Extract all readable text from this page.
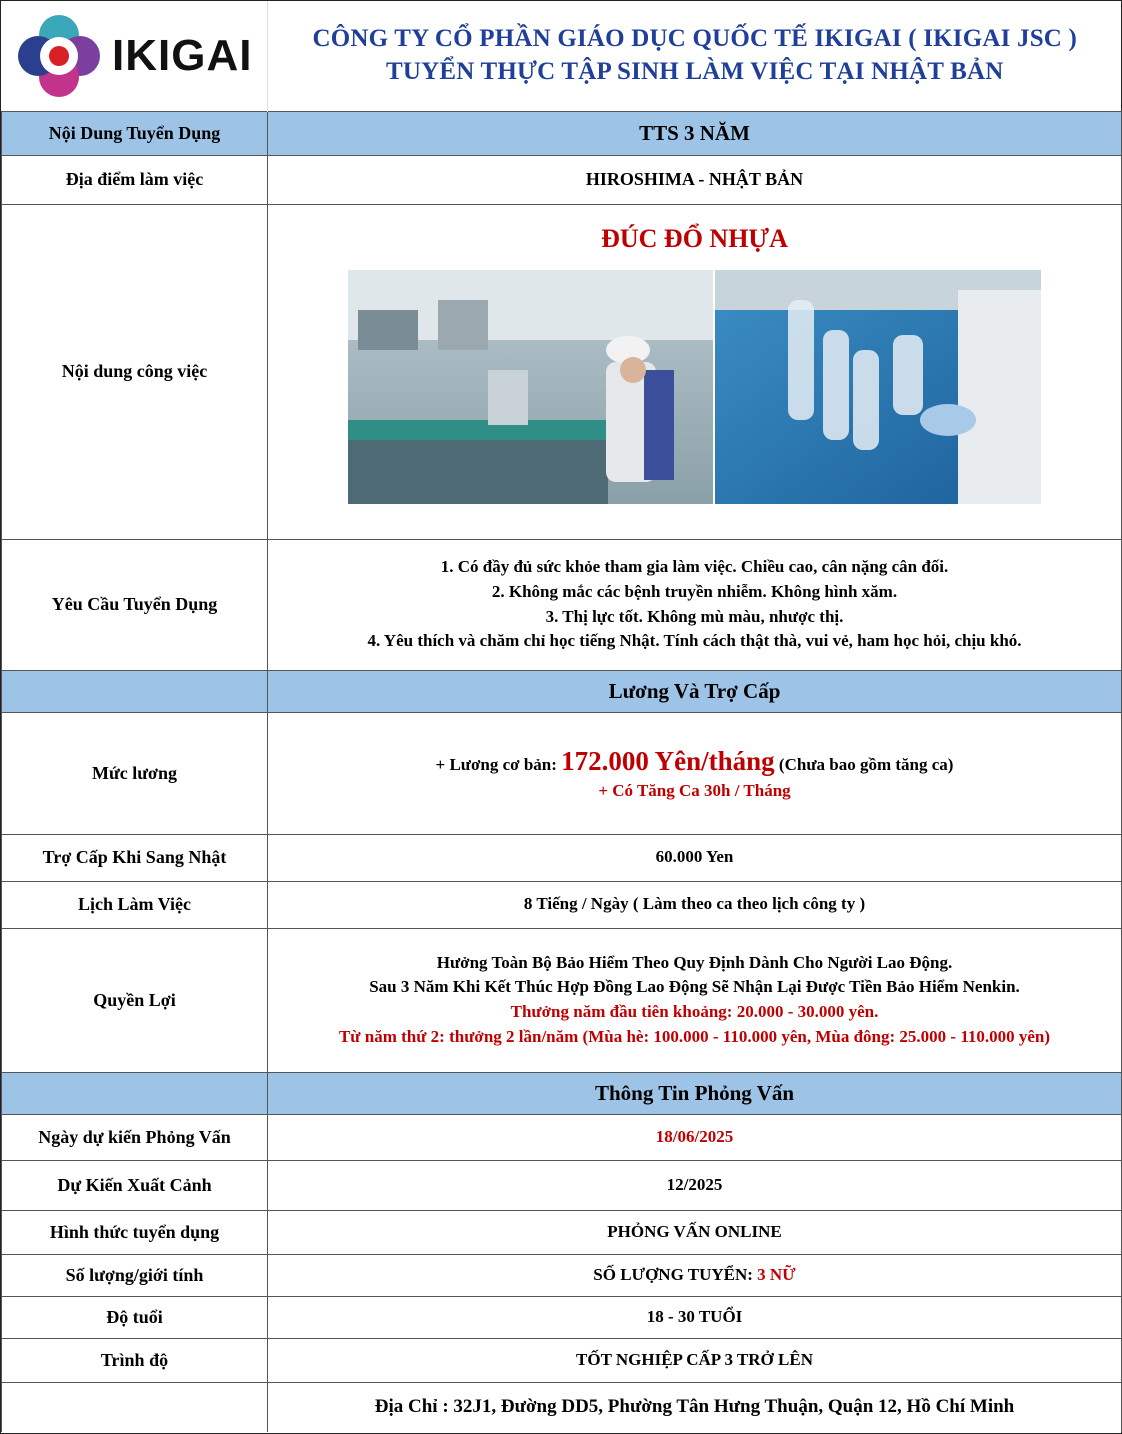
IKIGAI	CÔNG TY CỔ PHẦN GIÁO DỤC QUỐC TẾ IKIGAI ( IKIGAI JSC )
TUYỂN THỰC TẬP SINH LÀM VIỆC TẠI NHẬT BẢN

Nội Dung Tuyển Dụng	TTS 3 NĂM
Địa điểm làm việc	HIROSHIMA - NHẬT BẢN
Nội dung công việc	ĐÚC ĐỔ NHỰA

Yêu Cầu Tuyển Dụng	1. Có đầy đủ sức khỏe tham gia làm việc. Chiều cao, cân nặng cân đối.
2. Không mắc các bệnh truyền nhiễm. Không hình xăm.
3. Thị lực tốt. Không mù màu, nhược thị.
4. Yêu thích và chăm chỉ học tiếng Nhật. Tính cách thật thà, vui vẻ, ham học hỏi, chịu khó.

	Lương Và Trợ Cấp
Mức lương	+ Lương cơ bản: 172.000 Yên/tháng (Chưa bao gồm tăng ca)
+ Có Tăng Ca 30h / Tháng

Trợ Cấp Khi Sang Nhật	60.000 Yen
Lịch Làm Việc	8 Tiếng / Ngày ( Làm theo ca theo lịch công ty )
Quyền Lợi	Hưởng Toàn Bộ Bảo Hiểm Theo Quy Định Dành Cho Người Lao Động.
Sau 3 Năm Khi Kết Thúc Hợp Đồng Lao Động Sẽ Nhận Lại Được Tiền Bảo Hiểm Nenkin.
Thưởng năm đầu tiên khoảng: 20.000 - 30.000 yên.
Từ năm thứ 2: thưởng 2 lần/năm (Mùa hè: 100.000 - 110.000 yên, Mùa đông: 25.000 - 110.000 yên)

	Thông Tin Phỏng Vấn
Ngày dự kiến Phỏng Vấn	18/06/2025
Dự Kiến Xuất Cảnh	12/2025
Hình thức tuyển dụng	PHỎNG VẤN ONLINE
Số lượng/giới tính	SỐ LƯỢNG TUYỂN: 3 NỮ
Độ tuổi	18 - 30 TUỔI
Trình độ	TỐT NGHIỆP CẤP 3 TRỞ LÊN
	Địa Chỉ : 32J1, Đường DD5, Phường Tân Hưng Thuận, Quận 12, Hồ Chí Minh
